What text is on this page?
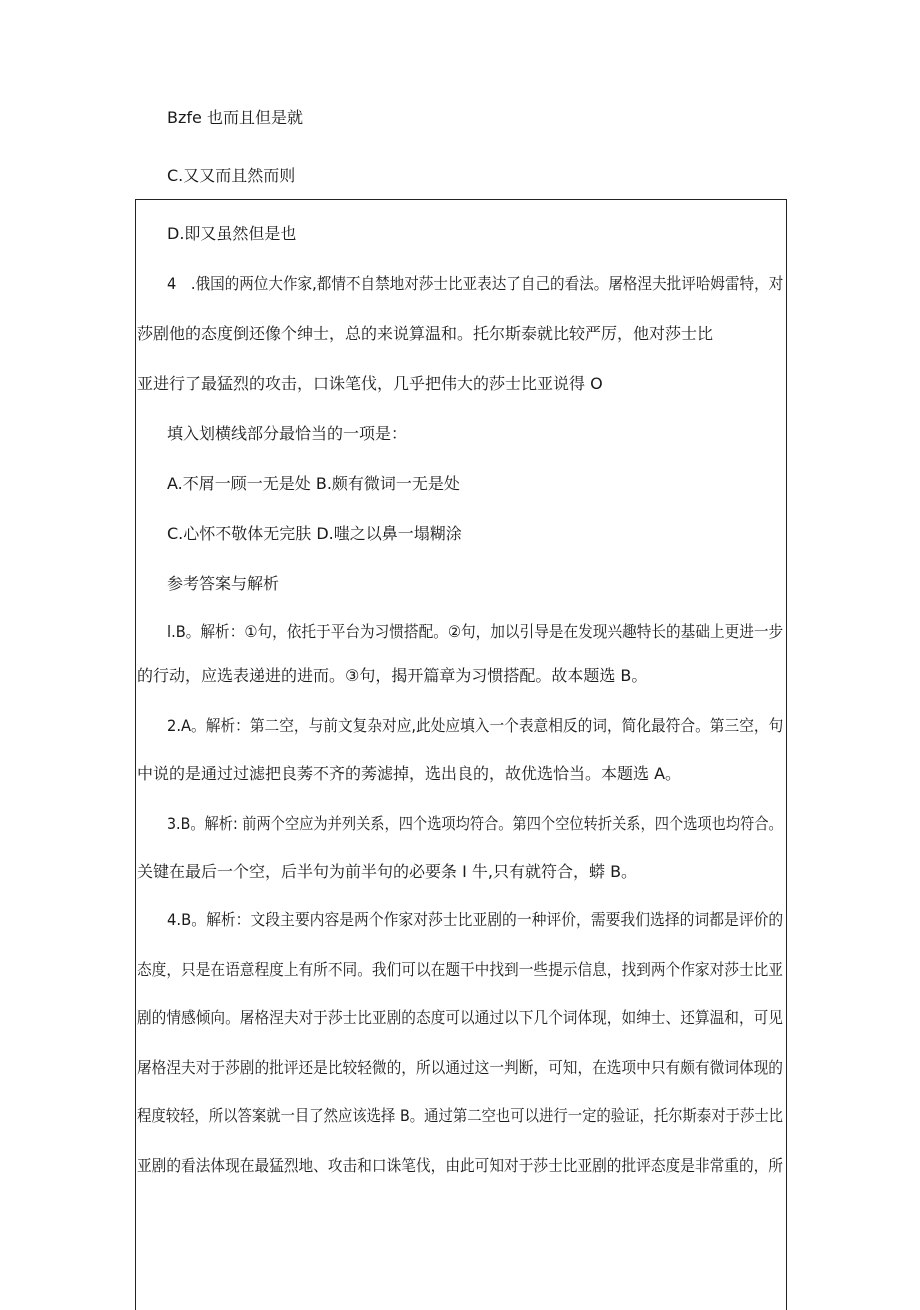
Bzfe 也而且但是就
C.又又而且然而则
D.即又虽然但是也
4　.俄国的两位大作家,都情不自禁地对莎士比亚表达了自己的看法。屠格涅夫批评哈姆雷特，对
莎剧他的态度倒还像个绅士，总的来说算温和。托尔斯泰就比较严厉，他对莎士比
亚进行了最猛烈的攻击，口诛笔伐，几乎把伟大的莎士比亚说得 O
填入划横线部分最恰当的一项是：
A.不屑一顾一无是处 B.颇有微词一无是处
C.心怀不敬体无完肤 D.嗤之以鼻一塌糊涂
参考答案与解析
l.B。解析：①句，依托于平台为习惯搭配。②句，加以引导是在发现兴趣特长的基础上更进一步
的行动，应选表递进的进而。③句，揭开篇章为习惯搭配。故本题选 B。
2.A。解析：第二空，与前文复杂对应,此处应填入一个表意相反的词，简化最符合。第三空，句
中说的是通过过滤把良莠不齐的莠滤掉，选出良的，故优选恰当。本题选 A。
3.B。解析: 前两个空应为并列关系，四个选项均符合。第四个空位转折关系，四个选项也均符合。
关键在最后一个空，后半句为前半句的必要条 I 牛,只有就符合，蟒 B。
4.B。解析：文段主要内容是两个作家对莎士比亚剧的一种评价，需要我们选择的词都是评价的
态度，只是在语意程度上有所不同。我们可以在题干中找到一些提示信息，找到两个作家对莎士比亚
剧的情感倾向。屠格涅夫对于莎士比亚剧的态度可以通过以下几个词体现，如绅士、还算温和，可见
屠格涅夫对于莎剧的批评还是比较轻微的，所以通过这一判断，可知，在选项中只有颇有微词体现的
程度较轻，所以答案就一目了然应该选择 B。通过第二空也可以进行一定的验证，托尔斯泰对于莎士比
亚剧的看法体现在最猛烈地、攻击和口诛笔伐，由此可知对于莎士比亚剧的批评态度是非常重的，所
